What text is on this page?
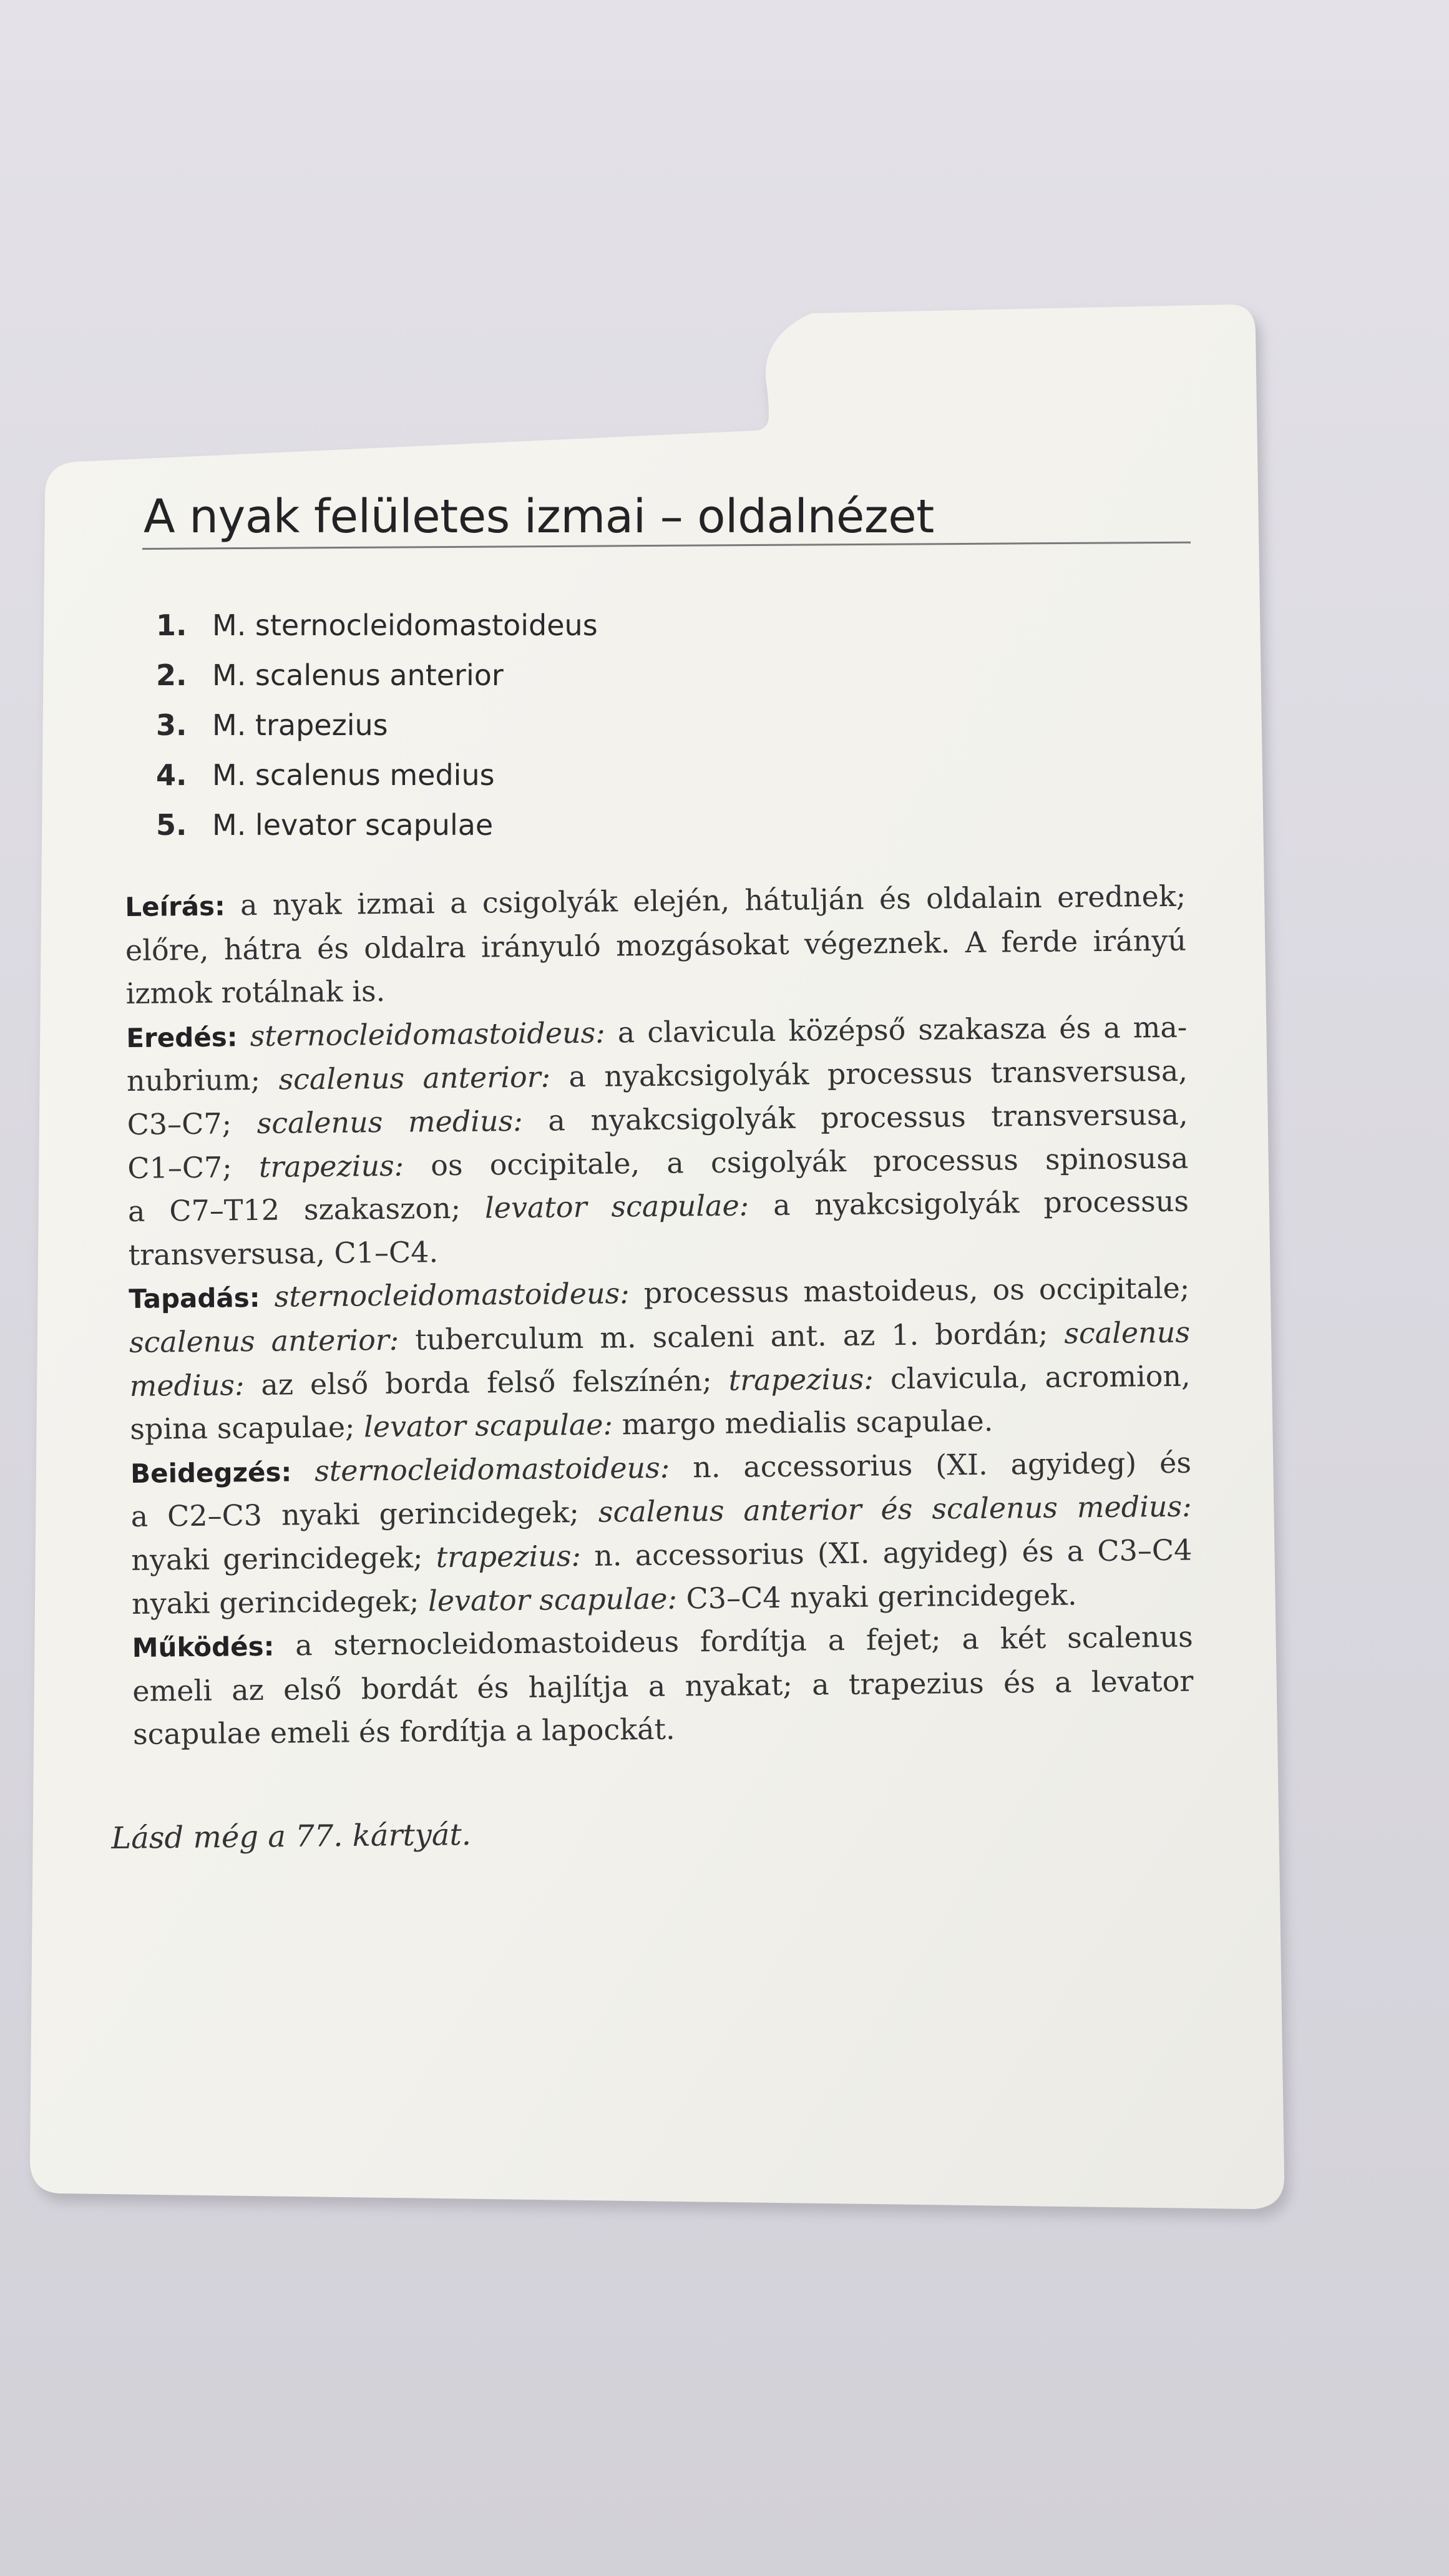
A nyak felületes izmai – oldalnézet
1. M. sternocleidomastoideus
2. M. scalenus anterior
3. M. trapezius
4. M. scalenus medius
5. M. levator scapulae
Leírás: a nyak izmai a csigolyák elején, hátulján és oldalain erednek;
előre, hátra és oldalra irányuló mozgásokat végeznek. A ferde irányú
izmok rotálnak is.
Eredés: sternocleidomastoideus: a clavicula középső szakasza és a ma-
nubrium; scalenus anterior: a nyakcsigolyák processus transversusa,
C3–C7; scalenus medius: a nyakcsigolyák processus transversusa,
C1–C7; trapezius: os occipitale, a csigolyák processus spinosusa
a C7–T12 szakaszon; levator scapulae: a nyakcsigolyák processus
transversusa, C1–C4.
Tapadás: sternocleidomastoideus: processus mastoideus, os occipitale;
scalenus anterior: tuberculum m. scaleni ant. az 1. bordán; scalenus
medius: az első borda felső felszínén; trapezius: clavicula, acromion,
spina scapulae; levator scapulae: margo medialis scapulae.
Beidegzés: sternocleidomastoideus: n. accessorius (XI. agyideg) és
a C2–C3 nyaki gerincidegek; scalenus anterior és scalenus medius:
nyaki gerincidegek; trapezius: n. accessorius (XI. agyideg) és a C3–C4
nyaki gerincidegek; levator scapulae: C3–C4 nyaki gerincidegek.
Működés: a sternocleidomastoideus fordítja a fejet; a két scalenus
emeli az első bordát és hajlítja a nyakat; a trapezius és a levator
scapulae emeli és fordítja a lapockát.
Lásd még a 77. kártyát.
